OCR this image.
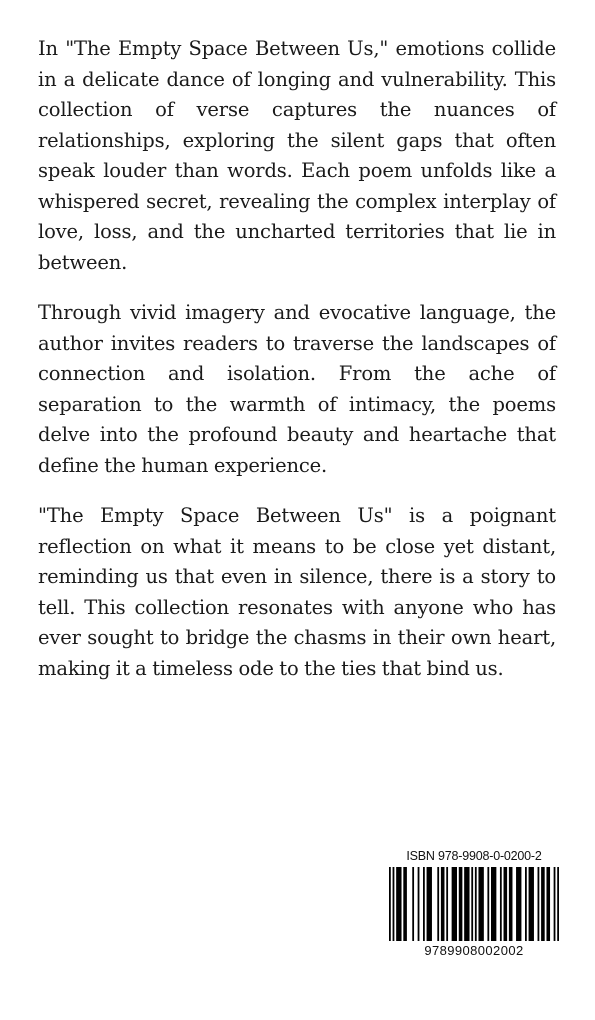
In "The Empty Space Between Us," emotions collide in a delicate dance of longing and vulnerability. This collection of verse captures the nuances of relationships, exploring the silent gaps that often speak louder than words. Each poem unfolds like a whispered secret, revealing the complex interplay of love, loss, and the uncharted territories that lie in between.

Through vivid imagery and evocative language, the author invites readers to traverse the landscapes of connection and isolation. From the ache of separation to the warmth of intimacy, the poems delve into the profound beauty and heartache that define the human experience.

"The Empty Space Between Us" is a poignant reflection on what it means to be close yet distant, reminding us that even in silence, there is a story to tell. This collection resonates with anyone who has ever sought to bridge the chasms in their own heart, making it a timeless ode to the ties that bind us.

ISBN 978-9908-0-0200-2
9789908002002
